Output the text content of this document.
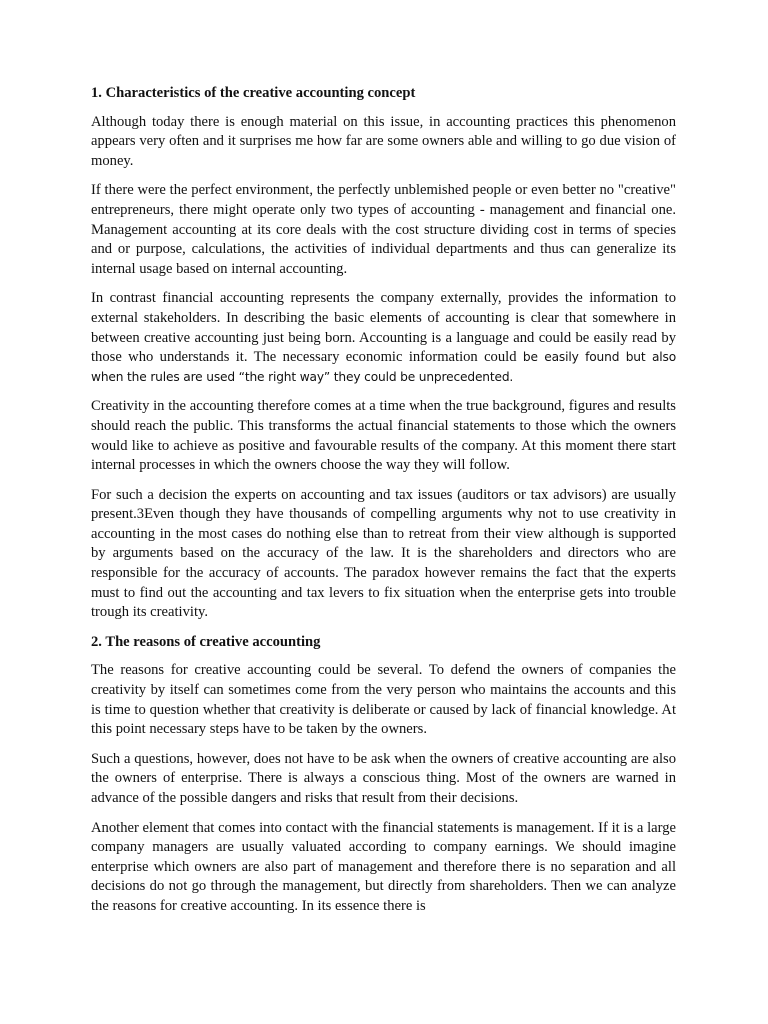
1. Characteristics of the creative accounting concept

Although today there is enough material on this issue, in accounting practices this phenomenon appears very often and it surprises me how far are some owners able and willing to go due vision of money.

If there were the perfect environment, the perfectly unblemished people or even better no "creative" entrepreneurs, there might operate only two types of accounting - management and financial one. Management accounting at its core deals with the cost structure dividing cost in terms of species and or purpose, calculations, the activities of individual departments and thus can generalize its internal usage based on internal accounting.

In contrast financial accounting represents the company externally, provides the information to external stakeholders. In describing the basic elements of accounting is clear that somewhere in between creative accounting just being born. Accounting is a language and could be easily read by those who understands it. The necessary economic information could be easily found but also when the rules are used “the right way” they could be unprecedented.

Creativity in the accounting therefore comes at a time when the true background, figures and results should reach the public. This transforms the actual financial statements to those which the owners would like to achieve as positive and favourable results of the company. At this moment there start internal processes in which the owners choose the way they will follow.

For such a decision the experts on accounting and tax issues (auditors or tax advisors) are usually present.3Even though they have thousands of compelling arguments why not to use creativity in accounting in the most cases do nothing else than to retreat from their view although is supported by arguments based on the accuracy of the law. It is the shareholders and directors who are responsible for the accuracy of accounts. The paradox however remains the fact that the experts must to find out the accounting and tax levers to fix situation when the enterprise gets into trouble trough its creativity.

2. The reasons of creative accounting

The reasons for creative accounting could be several. To defend the owners of companies the creativity by itself can sometimes come from the very person who maintains the accounts and this is time to question whether that creativity is deliberate or caused by lack of financial knowledge. At this point necessary steps have to be taken by the owners.

Such a questions, however, does not have to be ask when the owners of creative accounting are also the owners of enterprise. There is always a conscious thing. Most of the owners are warned in advance of the possible dangers and risks that result from their decisions.

Another element that comes into contact with the financial statements is management. If it is a large company managers are usually valuated according to company earnings. We should imagine enterprise which owners are also part of management and therefore there is no separation and all decisions do not go through the management, but directly from shareholders. Then we can analyze the reasons for creative accounting. In its essence there is
